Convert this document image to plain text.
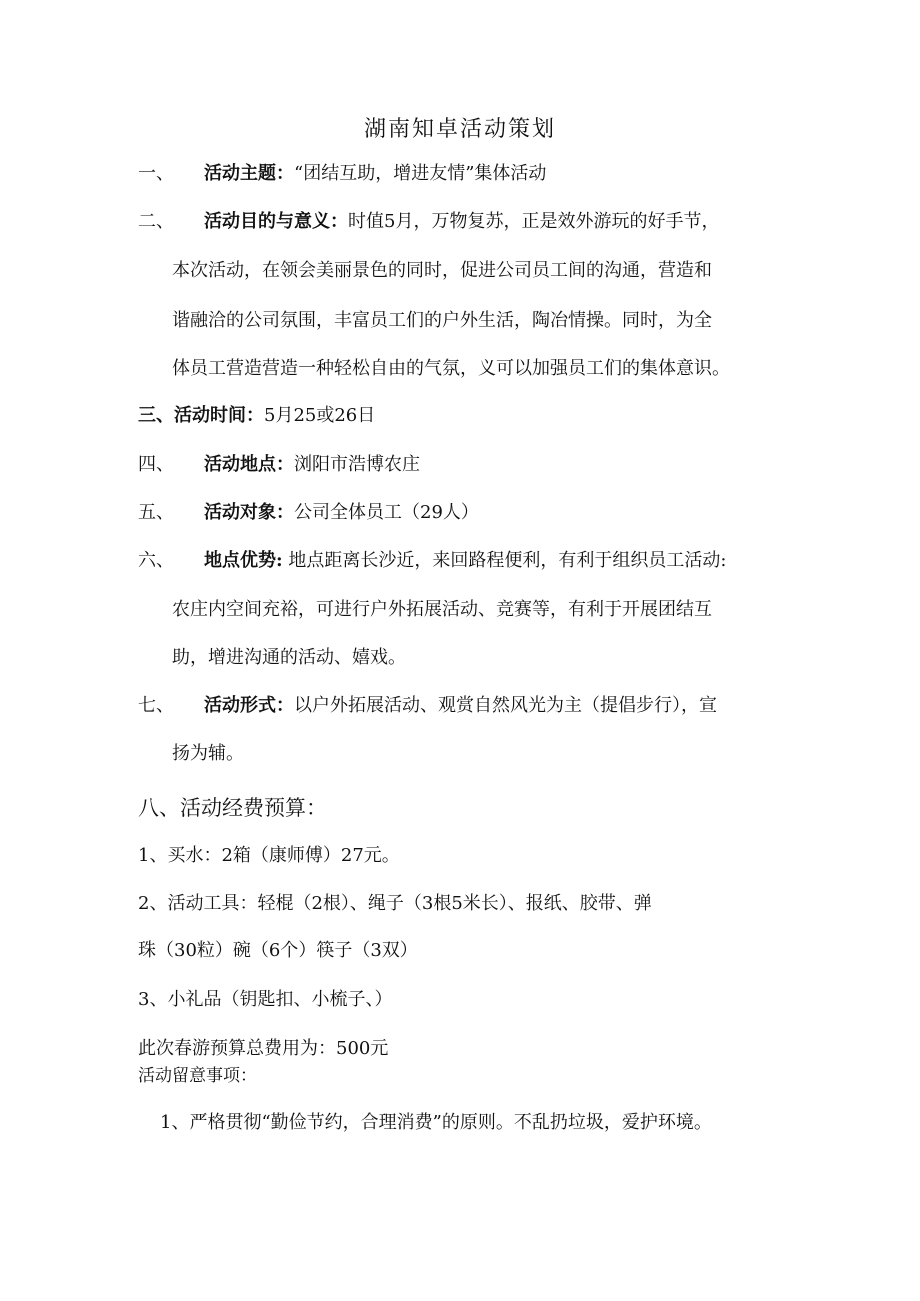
湖南知卓活动策划
一、 活动主题：“团结互助，增进友情”集体活动
二、 活动目的与意义：时值5月，万物复苏，正是效外游玩的好手节，
本次活动，在领会美丽景色的同时，促进公司员工间的沟通，营造和
谐融洽的公司氛围，丰富员工们的户外生活，陶冶情操。同时，为全
体员工营造营造一种轻松自由的气氛，义可以加强员工们的集体意识。
三、活动时间：5月25或26日
四、 活动地点：浏阳市浩博农庄
五、 活动对象：公司全体员工（29人）
六、 地点优势: 地点距离长沙近，来回路程便利，有利于组织员工活动:
农庄内空间充裕，可进行户外拓展活动、竞赛等，有利于开展团结互
助，增进沟通的活动、嬉戏。
七、 活动形式：以户外拓展活动、观赏自然风光为主（提倡步行），宣
扬为辅。
八、活动经费预算：
1、买水：2箱（康师傅）27元。
2、活动工具：轻棍（2根）、绳子（3根5米长）、报纸、胶带、弹
珠（30粒）碗（6个）筷子（3双）
3、小礼品（钥匙扣、小梳子、）
此次春游预算总费用为：500元
活动留意事项：
1、严格贯彻“勤俭节约，合理消费”的原则。不乱扔垃圾，爱护环境。
